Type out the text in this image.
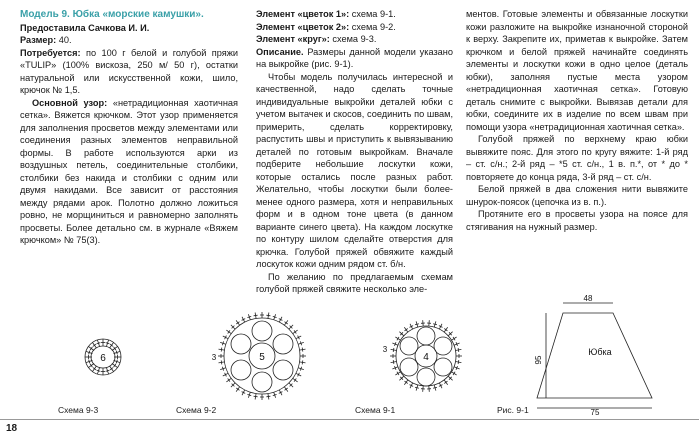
Модель 9. Юбка «морские камушки».

Предоставила Сачкова И. И.

Размер: 40.

Потребуется: по 100 г белой и голубой пряжи «TULIP» (100% вискоза, 250 м/ 50 г), остатки натуральной или искусственной кожи, шило, крючок № 1,5.

Основной узор: «нетрадиционная хаотичная сетка». Вяжется крючком. Этот узор применяется для заполнения просветов между элементами или соединения разных элементов неправильной формы. В работе используются арки из воздушных петель, соединительные столбики, столбики без накида и столбики с одним или двумя накидами. Все зависит от расстояния между рядами арок. Полотно должно ложиться ровно, не морщиниться и равномерно заполнять просветы. Более детально см. в журнале «Вяжем крючком» № 75(3).

Элемент «цветок 1»: схема 9-1.

Элемент «цветок 2»: схема 9-2.

Элемент «круг»: схема 9-3.

Описание. Размеры данной модели указано на выкройке (рис. 9-1).

Чтобы модель получилась интересной и качественной, надо сделать точные индивидуальные выкройки деталей юбки с учетом вытачек и скосов, соединить по швам, примерить, сделать корректировку, распустить швы и приступить к вывязыванию деталей по готовым выкройкам. Вначале подберите небольшие лоскутки кожи, которые остались после разных работ. Желательно, чтобы лоскутки были более-менее одного размера, хотя и неправильных форм и в одном тоне цвета (в данном варианте синего цвета). На каждом лоскутке по контуру шилом сделайте отверстия для крючка. Голубой пряжей обвяжите каждый лоскуток кожи одним рядом ст. б/н.

По желанию по предлагаемым схемам голубой пряжей свяжите несколько эле-

ментов. Готовые элементы и обвязанные лоскутки кожи разложите на выкройке изнаночной стороной к верху. Закрепите их, приметав к выкройке. Затем крючком и белой пряжей начинайте соединять элементы и лоскутки кожи в одно целое (деталь юбки), заполняя пустые места узором «нетрадиционная хаотичная сетка». Готовую деталь снимите с выкройки. Вывязав детали для юбки, соедините их в изделие по всем швам при помощи узора «нетрадиционная хаотичная сетка».

Голубой пряжей по верхнему краю юбки вывяжите пояс. Для этого по кругу вяжите: 1-й ряд – ст. с/н.; 2-й ряд – *5 ст. с/н., 1 в. п.*, от * до * повторяете до конца ряда, 3-й ряд – ст. с/н.

Белой пряжей в два сложения нити вывяжите шнурок-поясок (цепочка из в. п.).

Протяните его в просветы узора на поясе для стягивания на нужный размер.

6	5
3	4
3
48
75
95
Юбка
Схема 9-3	Схема 9-2	Схема 9-1	Рис. 9-1
18
